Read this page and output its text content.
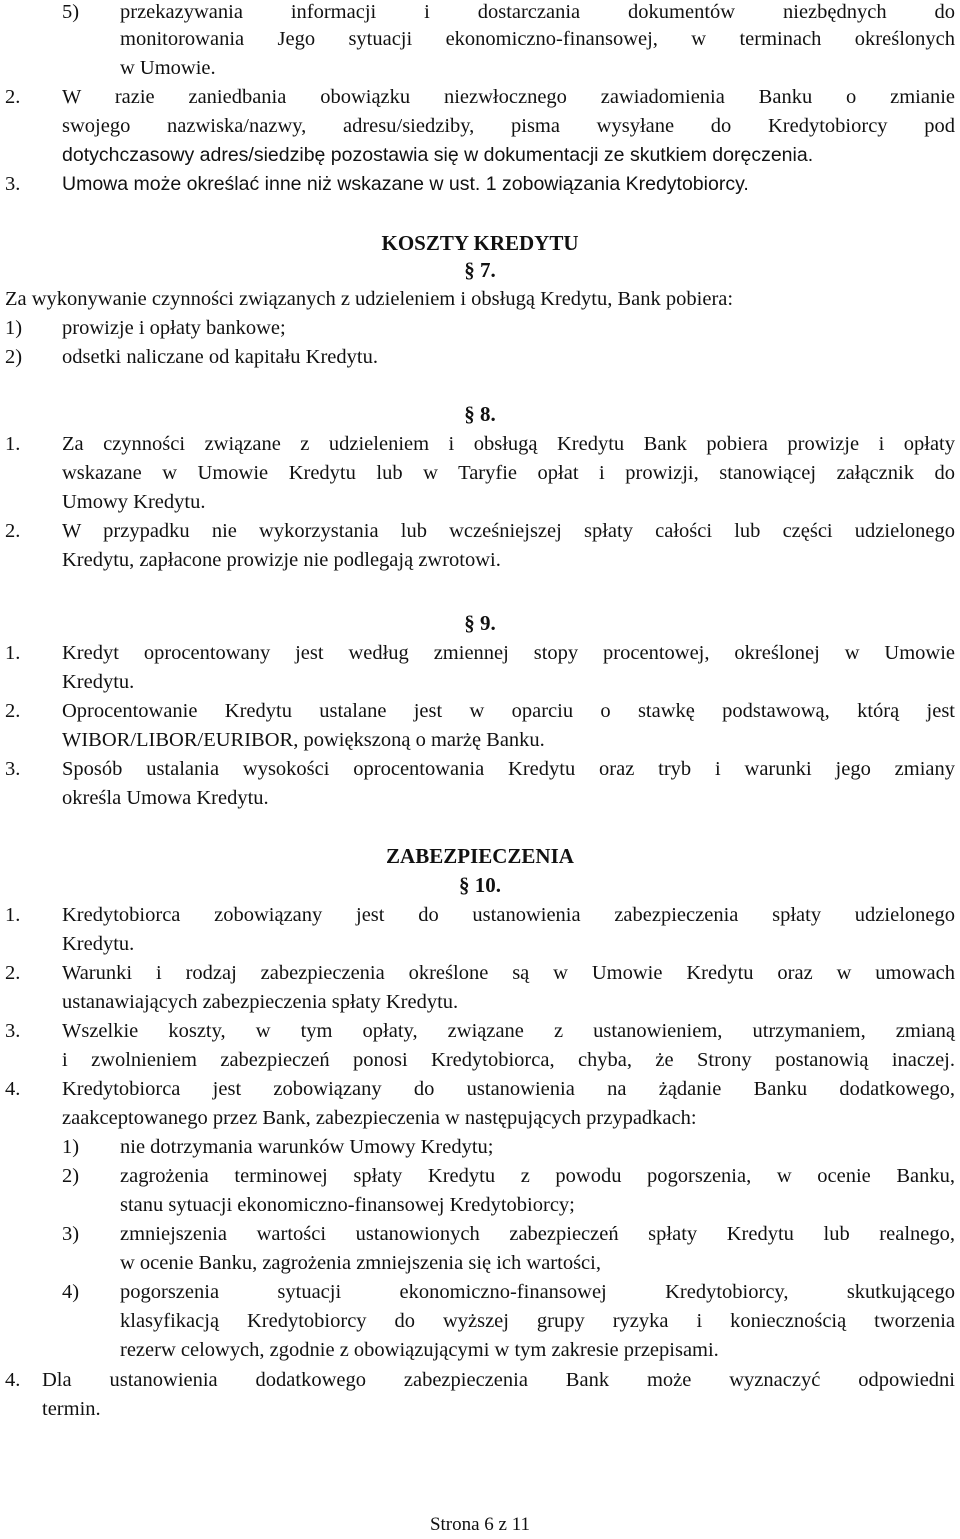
5) przekazywania informacji i dostarczania dokumentów niezbędnych do
monitorowania Jego sytuacji ekonomiczno-finansowej, w terminach określonych
w Umowie.
2. W razie zaniedbania obowiązku niezwłocznego zawiadomienia Banku o zmianie
swojego nazwiska/nazwy, adresu/siedziby, pisma wysyłane do Kredytobiorcy pod
dotychczasowy adres/siedzibę pozostawia się w dokumentacji ze skutkiem doręczenia.
3. Umowa może określać inne niż wskazane w ust. 1 zobowiązania Kredytobiorcy.
Za wykonywanie czynności związanych z udzieleniem i obsługą Kredytu, Bank pobiera:
1) prowizje i opłaty bankowe;
2) odsetki naliczane od kapitału Kredytu.
1. Za czynności związane z udzieleniem i obsługą Kredytu Bank pobiera prowizje i opłaty
wskazane w Umowie Kredytu lub w Taryfie opłat i prowizji, stanowiącej załącznik do
Umowy Kredytu.
2. W przypadku nie wykorzystania lub wcześniejszej spłaty całości lub części udzielonego
Kredytu, zapłacone prowizje nie podlegają zwrotowi.
1. Kredyt oprocentowany jest według zmiennej stopy procentowej, określonej w Umowie
Kredytu.
2. Oprocentowanie Kredytu ustalane jest w oparciu o stawkę podstawową, którą jest
WIBOR/LIBOR/EURIBOR, powiększoną o marżę Banku.
3. Sposób ustalania wysokości oprocentowania Kredytu oraz tryb i warunki jego zmiany
określa Umowa Kredytu.
1. Kredytobiorca zobowiązany jest do ustanowienia zabezpieczenia spłaty udzielonego
Kredytu.
2. Warunki i rodzaj zabezpieczenia określone są w Umowie Kredytu oraz w umowach
ustanawiających zabezpieczenia spłaty Kredytu.
3. Wszelkie koszty, w tym opłaty, związane z ustanowieniem, utrzymaniem, zmianą
i zwolnieniem zabezpieczeń ponosi Kredytobiorca, chyba, że Strony postanowią inaczej.
4. Kredytobiorca jest zobowiązany do ustanowienia na żądanie Banku dodatkowego,
zaakceptowanego przez Bank, zabezpieczenia w następujących przypadkach:
1) nie dotrzymania warunków Umowy Kredytu;
2) zagrożenia terminowej spłaty Kredytu z powodu pogorszenia, w ocenie Banku,
stanu sytuacji ekonomiczno-finansowej Kredytobiorcy;
3) zmniejszenia wartości ustanowionych zabezpieczeń spłaty Kredytu lub realnego,
w ocenie Banku, zagrożenia zmniejszenia się ich wartości,
4) pogorszenia sytuacji ekonomiczno-finansowej Kredytobiorcy, skutkującego
klasyfikacją Kredytobiorcy do wyższej grupy ryzyka i koniecznością tworzenia
rezerw celowych, zgodnie z obowiązującymi w tym zakresie przepisami.
4. Dla ustanowienia dodatkowego zabezpieczenia Bank może wyznaczyć odpowiedni
termin.
KOSZTY KREDYTU
ZABEZPIECZENIA
§ 7.
§ 8.
§ 9.
§ 10.
Strona 6 z 11
